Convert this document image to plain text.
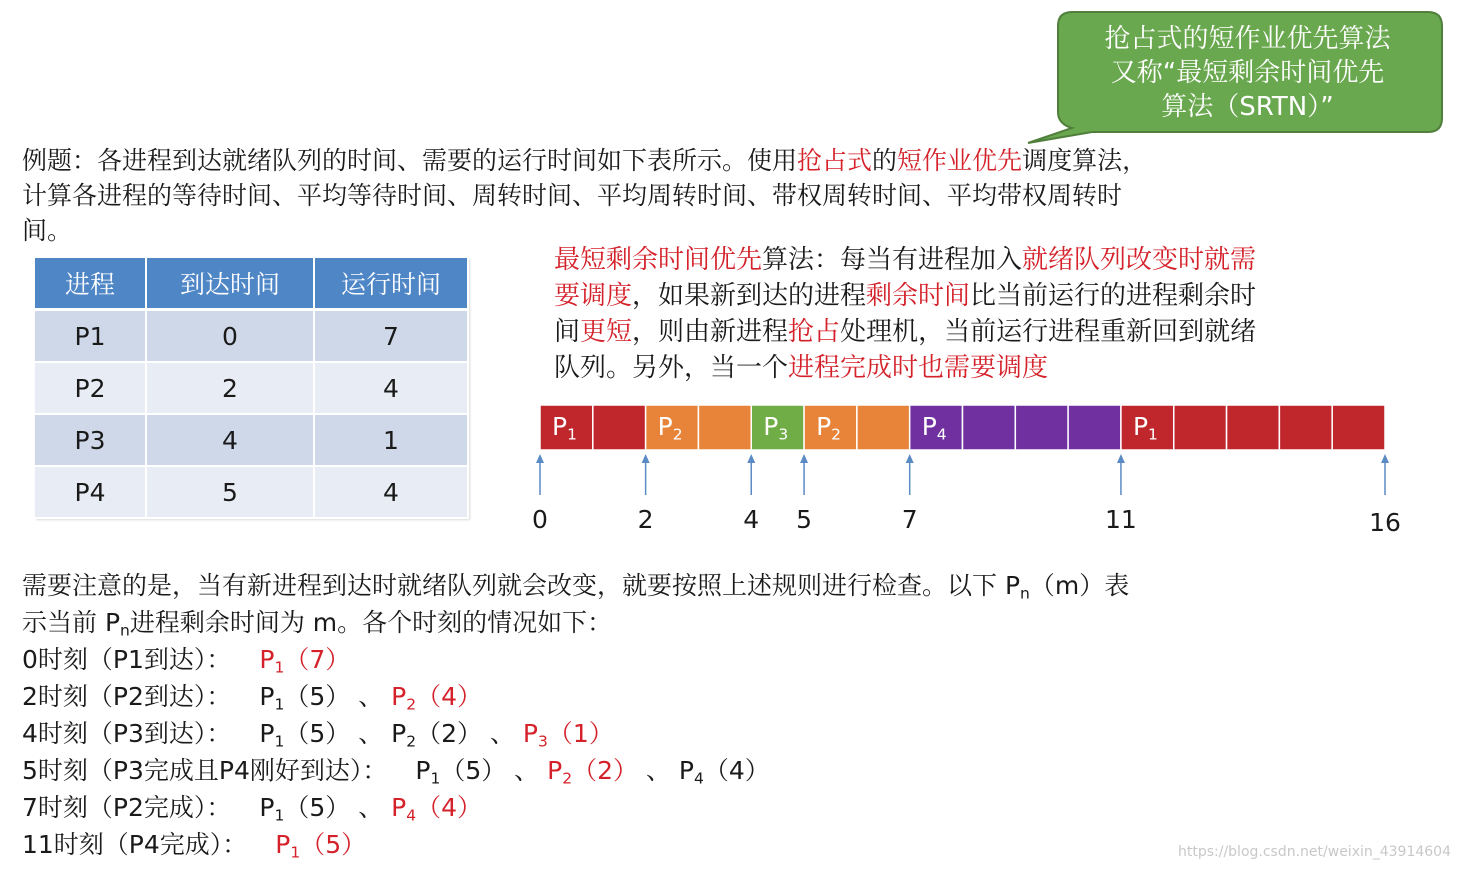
抢占式的短作业优先算法
又称“最短剩余时间优先
算法（SRTN）”
例题：各进程到达就绪队列的时间、需要的运行时间如下表所示。使用抢占式的短作业优先调度算法，
计算各进程的等待时间、平均等待时间、周转时间、平均周转时间、带权周转时间、平均带权周转时
间。
进程	到达时间	运行时间
P1	0	7
P2	2	4
P3	4	1
P4	5	4
最短剩余时间优先算法：每当有进程加入就绪队列改变时就需
要调度，如果新到达的进程剩余时间比当前运行的进程剩余时
间更短，则由新进程抢占处理机，当前运行进程重新回到就绪
队列。另外，当一个进程完成时也需要调度
$P_1$	$P_2$	$P_3$ $P_2$	$P_4$	$P_1$
0	2	4	5	7	11	16
需要注意的是，当有新进程到达时就绪队列就会改变，就要按照上述规则进行检查。以下 $P_n(m)$表
示当前 $P_n$进程剩余时间为 m。各个时刻的情况如下：
0时刻（P1到达）： $P_1(7)$
2时刻（P2到达）： $P_1(5)$ 、 $P_2(4)$
4时刻（P3到达）： $P_1(5)$ 、 $P_2(2)$ 、 $P_3(1)$
5时刻（P3完成且P4刚好到达）： $P_1(5)$ 、 $P_2(2)$ 、 $P_4(4)$
7时刻（P2完成）： $P_1(5)$ 、 $P_4(4)$
11时刻（P4完成）： $P_1(5)$	https://blog.csdn.net/weixin_43914604
